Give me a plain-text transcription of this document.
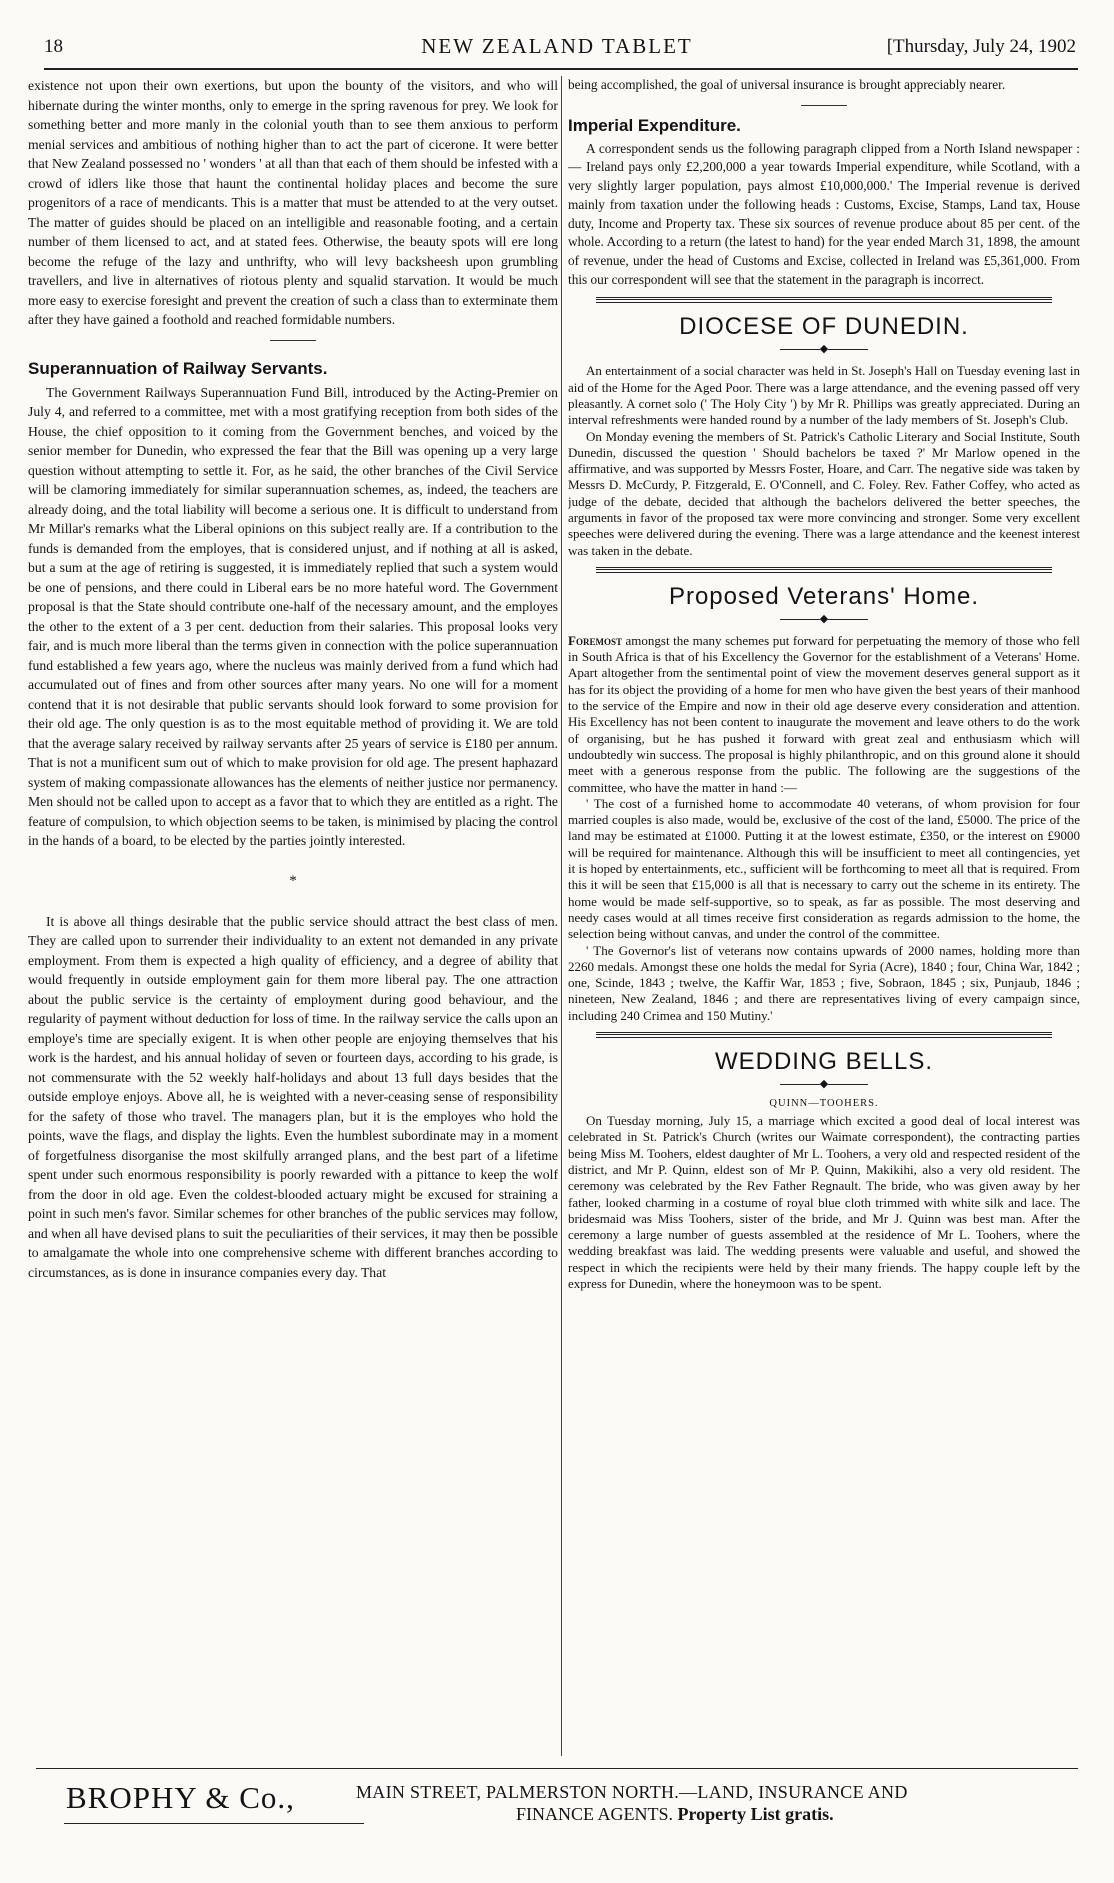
18	NEW ZEALAND TABLET	[Thursday, July 24, 1902

existence not upon their own exertions, but upon the bounty of the visitors, and who will hibernate during the winter months, only to emerge in the spring ravenous for prey. We look for something better and more manly in the colonial youth than to see them anxious to perform menial services and ambitious of nothing higher than to act the part of cicerone. It were better that New Zealand possessed no ' wonders ' at all than that each of them should be infested with a crowd of idlers like those that haunt the continental holiday places and become the sure progenitors of a race of mendicants. This is a matter that must be attended to at the very outset. The matter of guides should be placed on an intelligible and reasonable footing, and a certain number of them licensed to act, and at stated fees. Otherwise, the beauty spots will ere long become the refuge of the lazy and unthrifty, who will levy backsheesh upon grumbling travellers, and live in alternatives of riotous plenty and squalid starvation. It would be much more easy to exercise foresight and prevent the creation of such a class than to exterminate them after they have gained a foothold and reached formidable numbers.

Superannuation of Railway Servants.

The Government Railways Superannuation Fund Bill, introduced by the Acting-Premier on July 4, and referred to a committee, met with a most gratifying reception from both sides of the House, the chief opposition to it coming from the Government benches, and voiced by the senior member for Dunedin, who expressed the fear that the Bill was opening up a very large question without attempting to settle it. For, as he said, the other branches of the Civil Service will be clamoring immediately for similar superannuation schemes, as, indeed, the teachers are already doing, and the total liability will become a serious one. It is difficult to understand from Mr Millar's remarks what the Liberal opinions on this subject really are. If a contribution to the funds is demanded from the employes, that is considered unjust, and if nothing at all is asked, but a sum at the age of retiring is suggested, it is immediately replied that such a system would be one of pensions, and there could in Liberal ears be no more hateful word. The Government proposal is that the State should contribute one-half of the necessary amount, and the employes the other to the extent of a 3 per cent. deduction from their salaries. This proposal looks very fair, and is much more liberal than the terms given in connection with the police superannuation fund established a few years ago, where the nucleus was mainly derived from a fund which had accumulated out of fines and from other sources after many years. No one will for a moment contend that it is not desirable that public servants should look forward to some provision for their old age. The only question is as to the most equitable method of providing it. We are told that the average salary received by railway servants after 25 years of service is £180 per annum. That is not a munificent sum out of which to make provision for old age. The present haphazard system of making compassionate allowances has the elements of neither justice nor permanency. Men should not be called upon to accept as a favor that to which they are entitled as a right. The feature of compulsion, to which objection seems to be taken, is minimised by placing the control in the hands of a board, to be elected by the parties jointly interested.

*

It is above all things desirable that the public service should attract the best class of men. They are called upon to surrender their individuality to an extent not demanded in any private employment. From them is expected a high quality of efficiency, and a degree of ability that would frequently in outside employment gain for them more liberal pay. The one attraction about the public service is the certainty of employment during good behaviour, and the regularity of payment without deduction for loss of time. In the railway service the calls upon an employe's time are specially exigent. It is when other people are enjoying themselves that his work is the hardest, and his annual holiday of seven or fourteen days, according to his grade, is not commensurate with the 52 weekly half-holidays and about 13 full days besides that the outside employe enjoys. Above all, he is weighted with a never-ceasing sense of responsibility for the safety of those who travel. The managers plan, but it is the employes who hold the points, wave the flags, and display the lights. Even the humblest subordinate may in a moment of forgetfulness disorganise the most skilfully arranged plans, and the best part of a lifetime spent under such enormous responsibility is poorly rewarded with a pittance to keep the wolf from the door in old age. Even the coldest-blooded actuary might be excused for straining a point in such men's favor. Similar schemes for other branches of the public services may follow, and when all have devised plans to suit the peculiarities of their services, it may then be possible to amalgamate the whole into one comprehensive scheme with different branches according to circumstances, as is done in insurance companies every day. That

being accomplished, the goal of universal insurance is brought appreciably nearer.

Imperial Expenditure.

A correspondent sends us the following paragraph clipped from a North Island newspaper :— Ireland pays only £2,200,000 a year towards Imperial expenditure, while Scotland, with a very slightly larger population, pays almost £10,000,000.' The Imperial revenue is derived mainly from taxation under the following heads : Customs, Excise, Stamps, Land tax, House duty, Income and Property tax. These six sources of revenue produce about 85 per cent. of the whole. According to a return (the latest to hand) for the year ended March 31, 1898, the amount of revenue, under the head of Customs and Excise, collected in Ireland was £5,361,000. From this our correspondent will see that the statement in the paragraph is incorrect.

DIOCESE OF DUNEDIN.
◆

An entertainment of a social character was held in St. Joseph's Hall on Tuesday evening last in aid of the Home for the Aged Poor. There was a large attendance, and the evening passed off very pleasantly. A cornet solo (' The Holy City ') by Mr R. Phillips was greatly appreciated. During an interval refreshments were handed round by a number of the lady members of St. Joseph's Club.

On Monday evening the members of St. Patrick's Catholic Literary and Social Institute, South Dunedin, discussed the question ' Should bachelors be taxed ?' Mr Marlow opened in the affirmative, and was supported by Messrs Foster, Hoare, and Carr. The negative side was taken by Messrs D. McCurdy, P. Fitzgerald, E. O'Connell, and C. Foley. Rev. Father Coffey, who acted as judge of the debate, decided that although the bachelors delivered the better speeches, the arguments in favor of the proposed tax were more convincing and stronger. Some very excellent speeches were delivered during the evening. There was a large attendance and the keenest interest was taken in the debate.

Proposed Veterans' Home.
◆

Foremost amongst the many schemes put forward for perpetuating the memory of those who fell in South Africa is that of his Excellency the Governor for the establishment of a Veterans' Home. Apart altogether from the sentimental point of view the movement deserves general support as it has for its object the providing of a home for men who have given the best years of their manhood to the service of the Empire and now in their old age deserve every consideration and attention. His Excellency has not been content to inaugurate the movement and leave others to do the work of organising, but he has pushed it forward with great zeal and enthusiasm which will undoubtedly win success. The proposal is highly philanthropic, and on this ground alone it should meet with a generous response from the public. The following are the suggestions of the committee, who have the matter in hand :—

' The cost of a furnished home to accommodate 40 veterans, of whom provision for four married couples is also made, would be, exclusive of the cost of the land, £5000. The price of the land may be estimated at £1000. Putting it at the lowest estimate, £350, or the interest on £9000 will be required for maintenance. Although this will be insufficient to meet all contingencies, yet it is hoped by entertainments, etc., sufficient will be forthcoming to meet all that is required. From this it will be seen that £15,000 is all that is necessary to carry out the scheme in its entirety. The home would be made self-supportive, so to speak, as far as possible. The most deserving and needy cases would at all times receive first consideration as regards admission to the home, the selection being without canvas, and under the control of the committee.

' The Governor's list of veterans now contains upwards of 2000 names, holding more than 2260 medals. Amongst these one holds the medal for Syria (Acre), 1840 ; four, China War, 1842 ; one, Scinde, 1843 ; twelve, the Kaffir War, 1853 ; five, Sobraon, 1845 ; six, Punjaub, 1846 ; nineteen, New Zealand, 1846 ; and there are representatives living of every campaign since, including 240 Crimea and 150 Mutiny.'

WEDDING BELLS.
◆
QUINN—TOOHERS.

On Tuesday morning, July 15, a marriage which excited a good deal of local interest was celebrated in St. Patrick's Church (writes our Waimate correspondent), the contracting parties being Miss M. Toohers, eldest daughter of Mr L. Toohers, a very old and respected resident of the district, and Mr P. Quinn, eldest son of Mr P. Quinn, Makikihi, also a very old resident. The ceremony was celebrated by the Rev Father Regnault. The bride, who was given away by her father, looked charming in a costume of royal blue cloth trimmed with white silk and lace. The bridesmaid was Miss Toohers, sister of the bride, and Mr J. Quinn was best man. After the ceremony a large number of guests assembled at the residence of Mr L. Toohers, where the wedding breakfast was laid. The wedding presents were valuable and useful, and showed the respect in which the recipients were held by their many friends. The happy couple left by the express for Dunedin, where the honeymoon was to be spent.

BROPHY & Co.,	MAIN STREET, PALMERSTON NORTH.—LAND, INSURANCE AND
FINANCE AGENTS. Property List gratis.
